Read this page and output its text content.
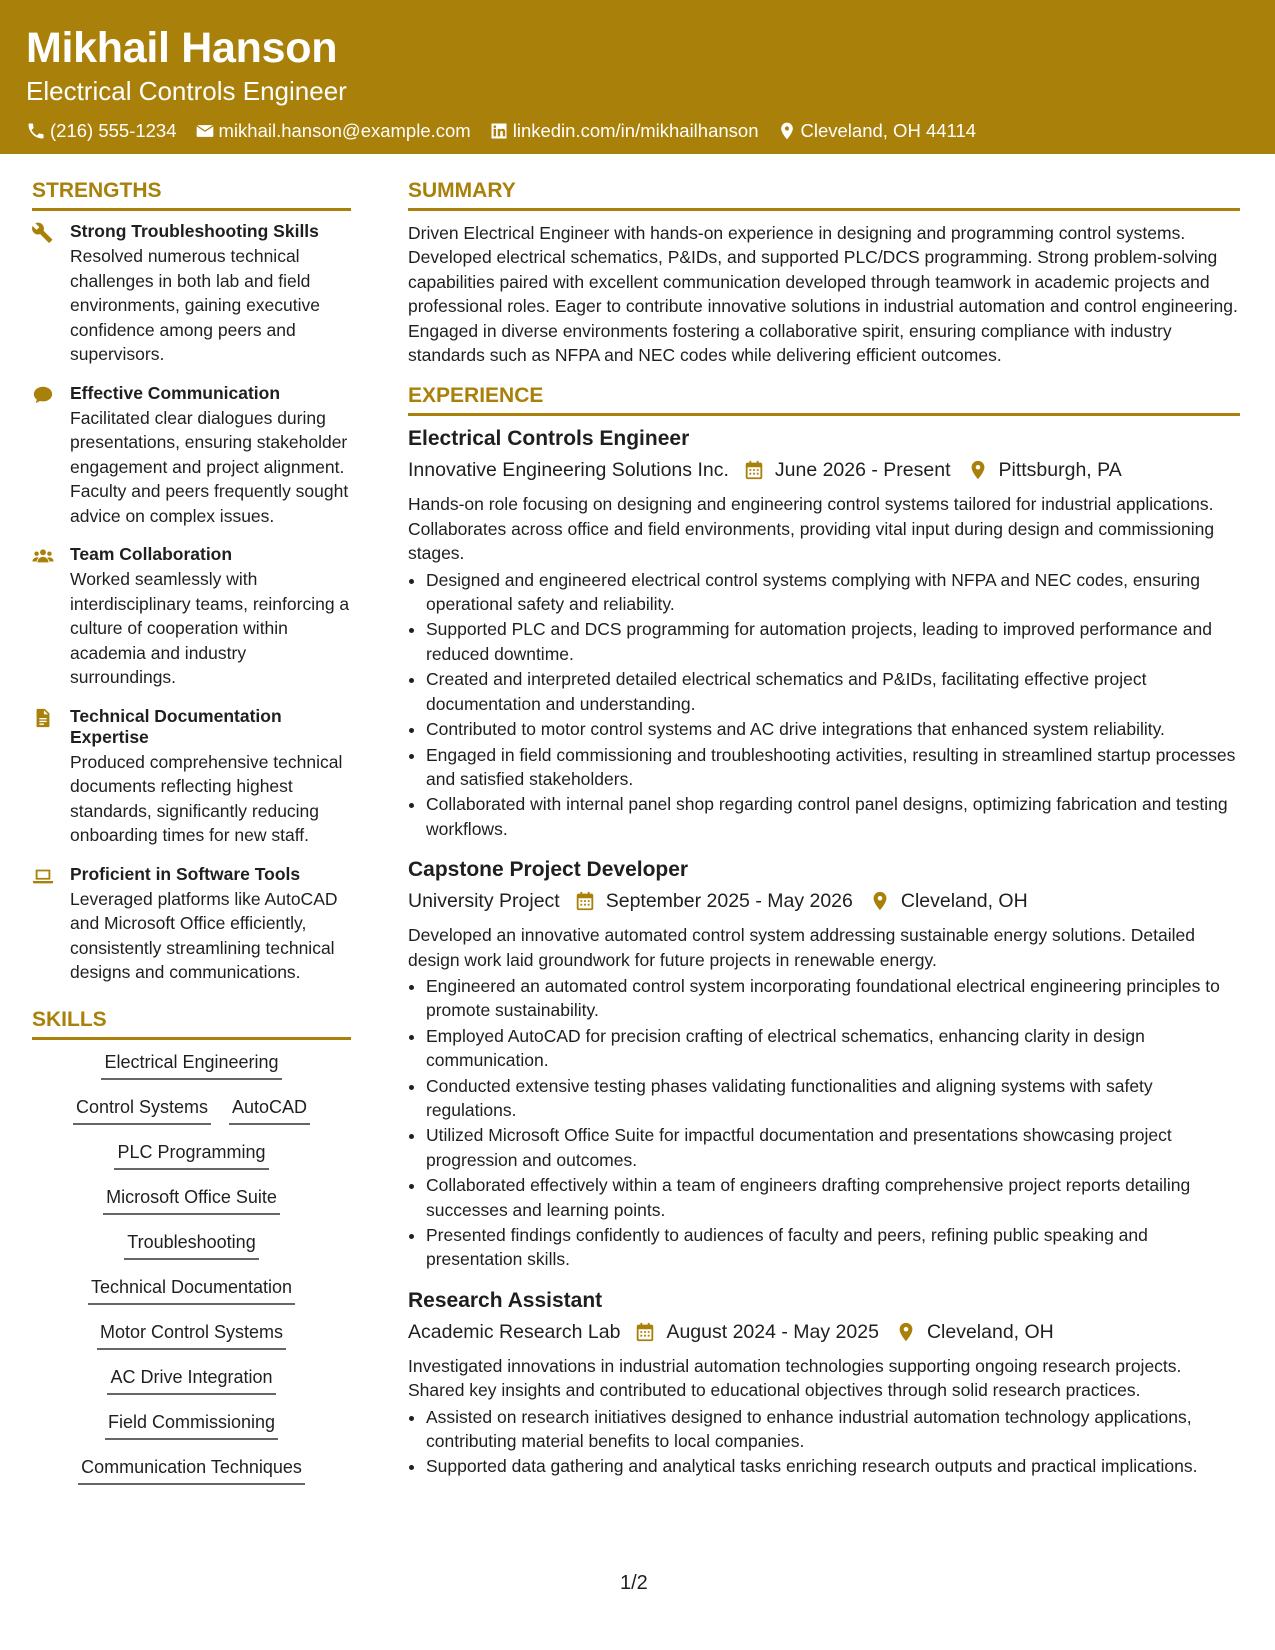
Mikhail Hanson
Electrical Controls Engineer
(216) 555-1234 mikhail.hanson@example.com linkedin.com/in/mikhailhanson Cleveland, OH 44114
STRENGTHS
Strong Troubleshooting Skills
Resolved numerous technical challenges in both lab and field environments, gaining executive confidence among peers and supervisors.
Effective Communication
Facilitated clear dialogues during presentations, ensuring stakeholder engagement and project alignment. Faculty and peers frequently sought advice on complex issues.
Team Collaboration
Worked seamlessly with interdisciplinary teams, reinforcing a culture of cooperation within academia and industry surroundings.
Technical Documentation Expertise
Produced comprehensive technical documents reflecting highest standards, significantly reducing onboarding times for new staff.
Proficient in Software Tools
Leveraged platforms like AutoCAD and Microsoft Office efficiently, consistently streamlining technical designs and communications.
SKILLS
Electrical Engineering
Control Systems AutoCAD
PLC Programming
Microsoft Office Suite
Troubleshooting
Technical Documentation
Motor Control Systems
AC Drive Integration
Field Commissioning
Communication Techniques
SUMMARY
Driven Electrical Engineer with hands-on experience in designing and programming control systems. Developed electrical schematics, P&IDs, and supported PLC/DCS programming. Strong problem-solving capabilities paired with excellent communication developed through teamwork in academic projects and professional roles. Eager to contribute innovative solutions in industrial automation and control engineering. Engaged in diverse environments fostering a collaborative spirit, ensuring compliance with industry standards such as NFPA and NEC codes while delivering efficient outcomes.
EXPERIENCE
Electrical Controls Engineer
Innovative Engineering Solutions Inc. June 2026 - Present Pittsburgh, PA
Hands-on role focusing on designing and engineering control systems tailored for industrial applications. Collaborates across office and field environments, providing vital input during design and commissioning stages.
• Designed and engineered electrical control systems complying with NFPA and NEC codes, ensuring operational safety and reliability.
• Supported PLC and DCS programming for automation projects, leading to improved performance and reduced downtime.
• Created and interpreted detailed electrical schematics and P&IDs, facilitating effective project documentation and understanding.
• Contributed to motor control systems and AC drive integrations that enhanced system reliability.
• Engaged in field commissioning and troubleshooting activities, resulting in streamlined startup processes and satisfied stakeholders.
• Collaborated with internal panel shop regarding control panel designs, optimizing fabrication and testing workflows.
Capstone Project Developer
University Project September 2025 - May 2026 Cleveland, OH
Developed an innovative automated control system addressing sustainable energy solutions. Detailed design work laid groundwork for future projects in renewable energy.
• Engineered an automated control system incorporating foundational electrical engineering principles to promote sustainability.
• Employed AutoCAD for precision crafting of electrical schematics, enhancing clarity in design communication.
• Conducted extensive testing phases validating functionalities and aligning systems with safety regulations.
• Utilized Microsoft Office Suite for impactful documentation and presentations showcasing project progression and outcomes.
• Collaborated effectively within a team of engineers drafting comprehensive project reports detailing successes and learning points.
• Presented findings confidently to audiences of faculty and peers, refining public speaking and presentation skills.
Research Assistant
Academic Research Lab August 2024 - May 2025 Cleveland, OH
Investigated innovations in industrial automation technologies supporting ongoing research projects. Shared key insights and contributed to educational objectives through solid research practices.
• Assisted on research initiatives designed to enhance industrial automation technology applications, contributing material benefits to local companies.
• Supported data gathering and analytical tasks enriching research outputs and practical implications.
1/2
